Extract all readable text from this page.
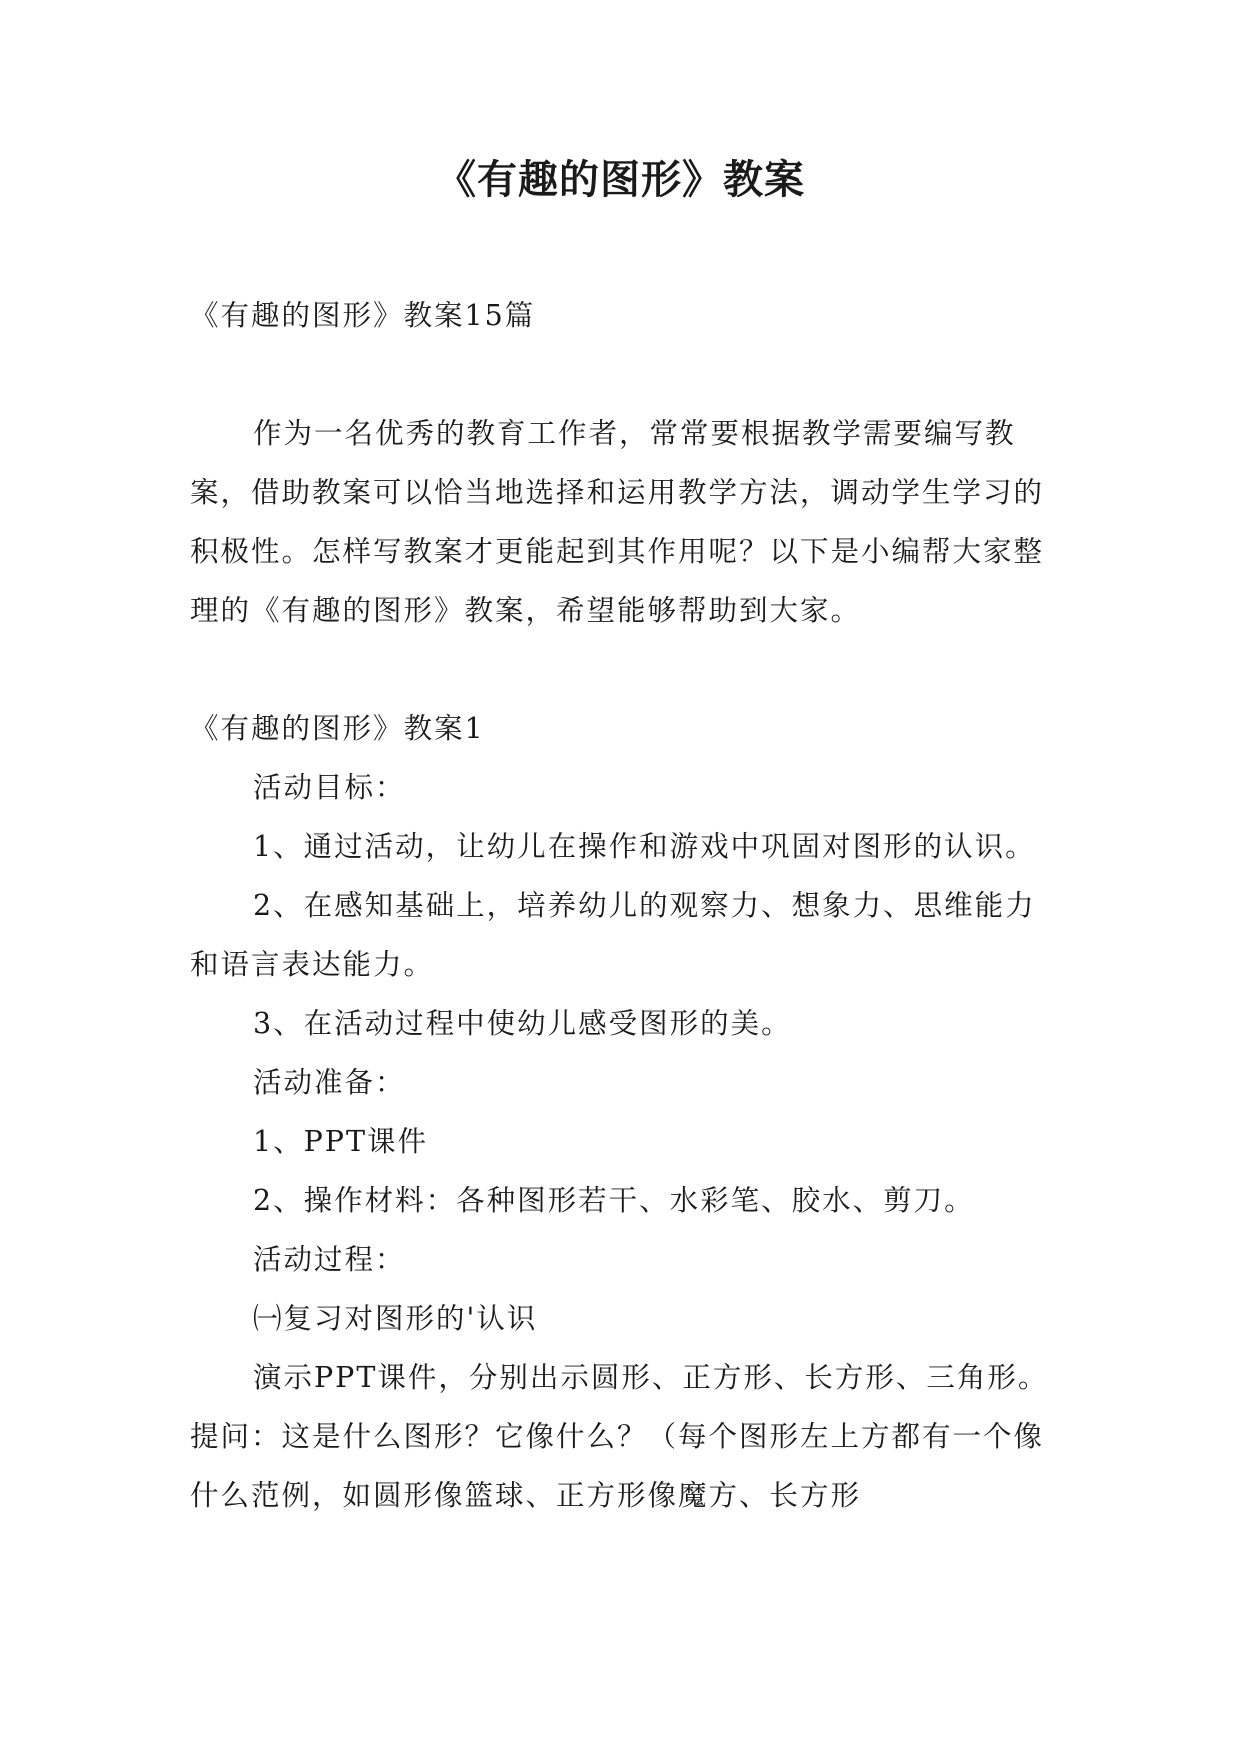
《有趣的图形》教案

《有趣的图形》教案15篇

作为一名优秀的教育工作者，常常要根据教学需要编写教案，借助教案可以恰当地选择和运用教学方法，调动学生学习的积极性。怎样写教案才更能起到其作用呢？以下是小编帮大家整理的《有趣的图形》教案，希望能够帮助到大家。

《有趣的图形》教案1

活动目标：

1、通过活动，让幼儿在操作和游戏中巩固对图形的认识。

2、在感知基础上，培养幼儿的观察力、想象力、思维能力和语言表达能力。

3、在活动过程中使幼儿感受图形的美。

活动准备：

1、PPT课件

2、操作材料：各种图形若干、水彩笔、胶水、剪刀。

活动过程：

㈠复习对图形的'认识

演示PPT课件，分别出示圆形、正方形、长方形、三角形。提问：这是什么图形？它像什么？（每个图形左上方都有一个像什么范例，如圆形像篮球、正方形像魔方、长方形
